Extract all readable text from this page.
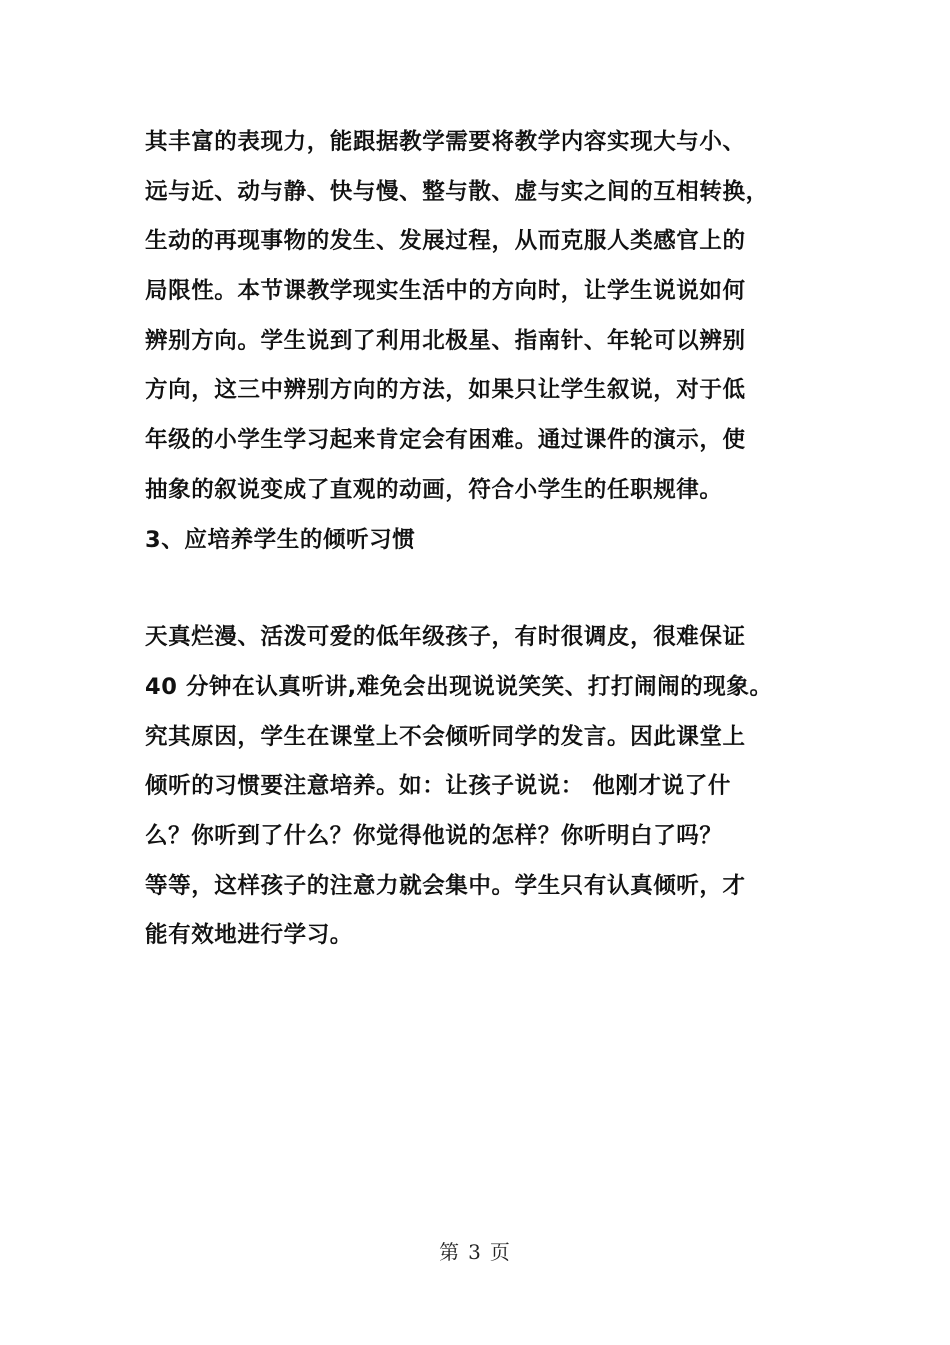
其丰富的表现力，能跟据教学需要将教学内容实现大与小、
远与近、动与静、快与慢、整与散、虚与实之间的互相转换，
生动的再现事物的发生、发展过程，从而克服人类感官上的
局限性。本节课教学现实生活中的方向时，让学生说说如何
辨别方向。学生说到了利用北极星、指南针、年轮可以辨别
方向，这三中辨别方向的方法，如果只让学生叙说，对于低
年级的小学生学习起来肯定会有困难。通过课件的演示，使
抽象的叙说变成了直观的动画，符合小学生的任职规律。
3、应培养学生的倾听习惯
天真烂漫、活泼可爱的低年级孩子，有时很调皮，很难保证
40 分钟在认真听讲,难免会出现说说笑笑、打打闹闹的现象。
究其原因，学生在课堂上不会倾听同学的发言。因此课堂上
倾听的习惯要注意培养。如：让孩子说说： 他刚才说了什
么？你听到了什么？你觉得他说的怎样？你听明白了吗？
等等，这样孩子的注意力就会集中。学生只有认真倾听，才
能有效地进行学习。
第 3 页
